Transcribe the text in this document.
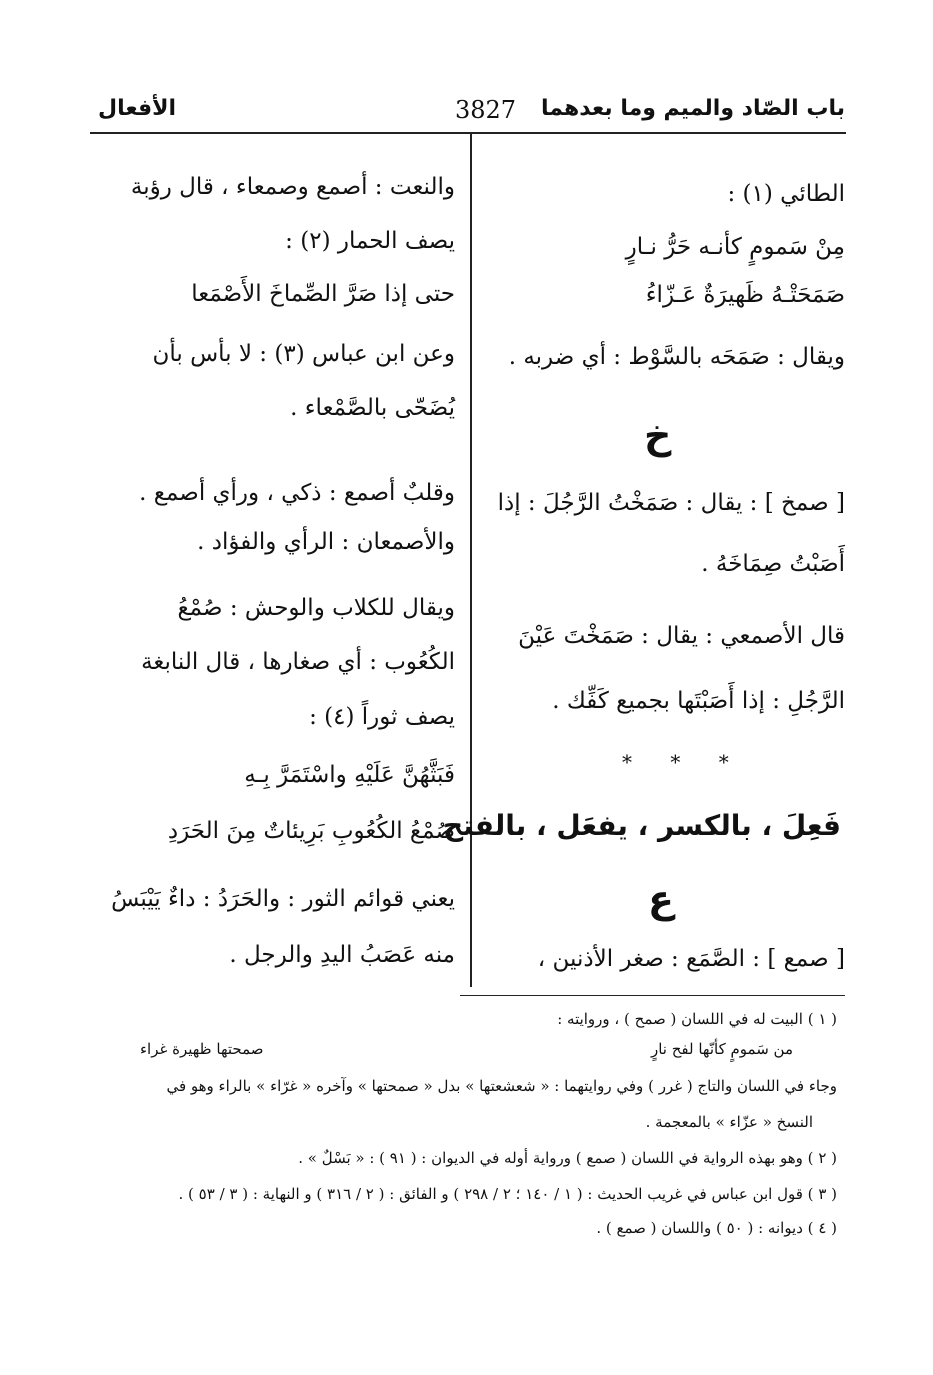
باب الصّاد والميم وما بعدهما
3827
الأفعال
الطائي (١) :
مِنْ سَمومٍ كأنـه حَرُّ نـارٍ
صَمَحَتْـهُ ظَهيرَةٌ عَـزّاءُ
ويقال : صَمَحَه بالسَّوْط : أي ضربه .
خ
[ صمخ ] : يقال : صَمَخْتُ الرَّجُلَ : إذا
أَصَبْتُ صِمَاخَهُ .
قال الأصمعي : يقال : صَمَخْتَ عَيْنَ
الرَّجُلِ : إذا أَصَبْتَها بجميع كَفِّك .
* * *
فَعِلَ ، بالكسر ، يفعَل ، بالفتح
ع
[ صمع ] : الصَّمَع : صغر الأذنين ،
والنعت : أصمع وصمعاء ، قال رؤبة
يصف الحمار (٢) :
حتى إذا صَرَّ الصِّماخَ الأَصْمَعا
وعن ابن عباس (٣) : لا بأس بأن
يُضَحّى بالصَّمْعاء .
وقلبٌ أصمع : ذكي ، ورأي أصمع .
والأصمعان : الرأي والفؤاد .
ويقال للكلاب والوحش : صُمْعُ
الكُعُوب : أي صغارها ، قال النابغة
يصف ثوراً (٤) :
فَبَثَّهُنَّ عَلَيْهِ واسْتَمَرَّ بِـهِ
صُمْعُ الكُعُوبِ بَرِيئاتٌ مِنَ الحَرَدِ
يعني قوائم الثور : والحَرَدُ : داءٌ يَيْبَسُ
منه عَصَبُ اليدِ والرجل .
( ١ ) البيت له في اللسان ( صمح ) ، وروايته :
من سَمومٍ كأنّها لفح نارٍ
صمحتها ظهيرة غراء
وجاء في اللسان والتاج ( غرر ) وفي روايتهما : « شعشعتها » بدل « صمحتها » وآخره « غرّاء » بالراء وهو في
النسخ « عزّاء » بالمعجمة .
( ٢ ) وهو بهذه الرواية في اللسان ( صمع ) ورواية أوله في الديوان : ( ٩١ ) : « بَسْلٌ » .
( ٣ ) قول ابن عباس في غريب الحديث : ( ١ / ١٤٠ ؛ ٢ / ٢٩٨ ) و الفائق : ( ٢ / ٣١٦ ) و النهاية : ( ٣ / ٥٣ ) .
( ٤ ) ديوانه : ( ٥٠ ) واللسان ( صمع ) .
